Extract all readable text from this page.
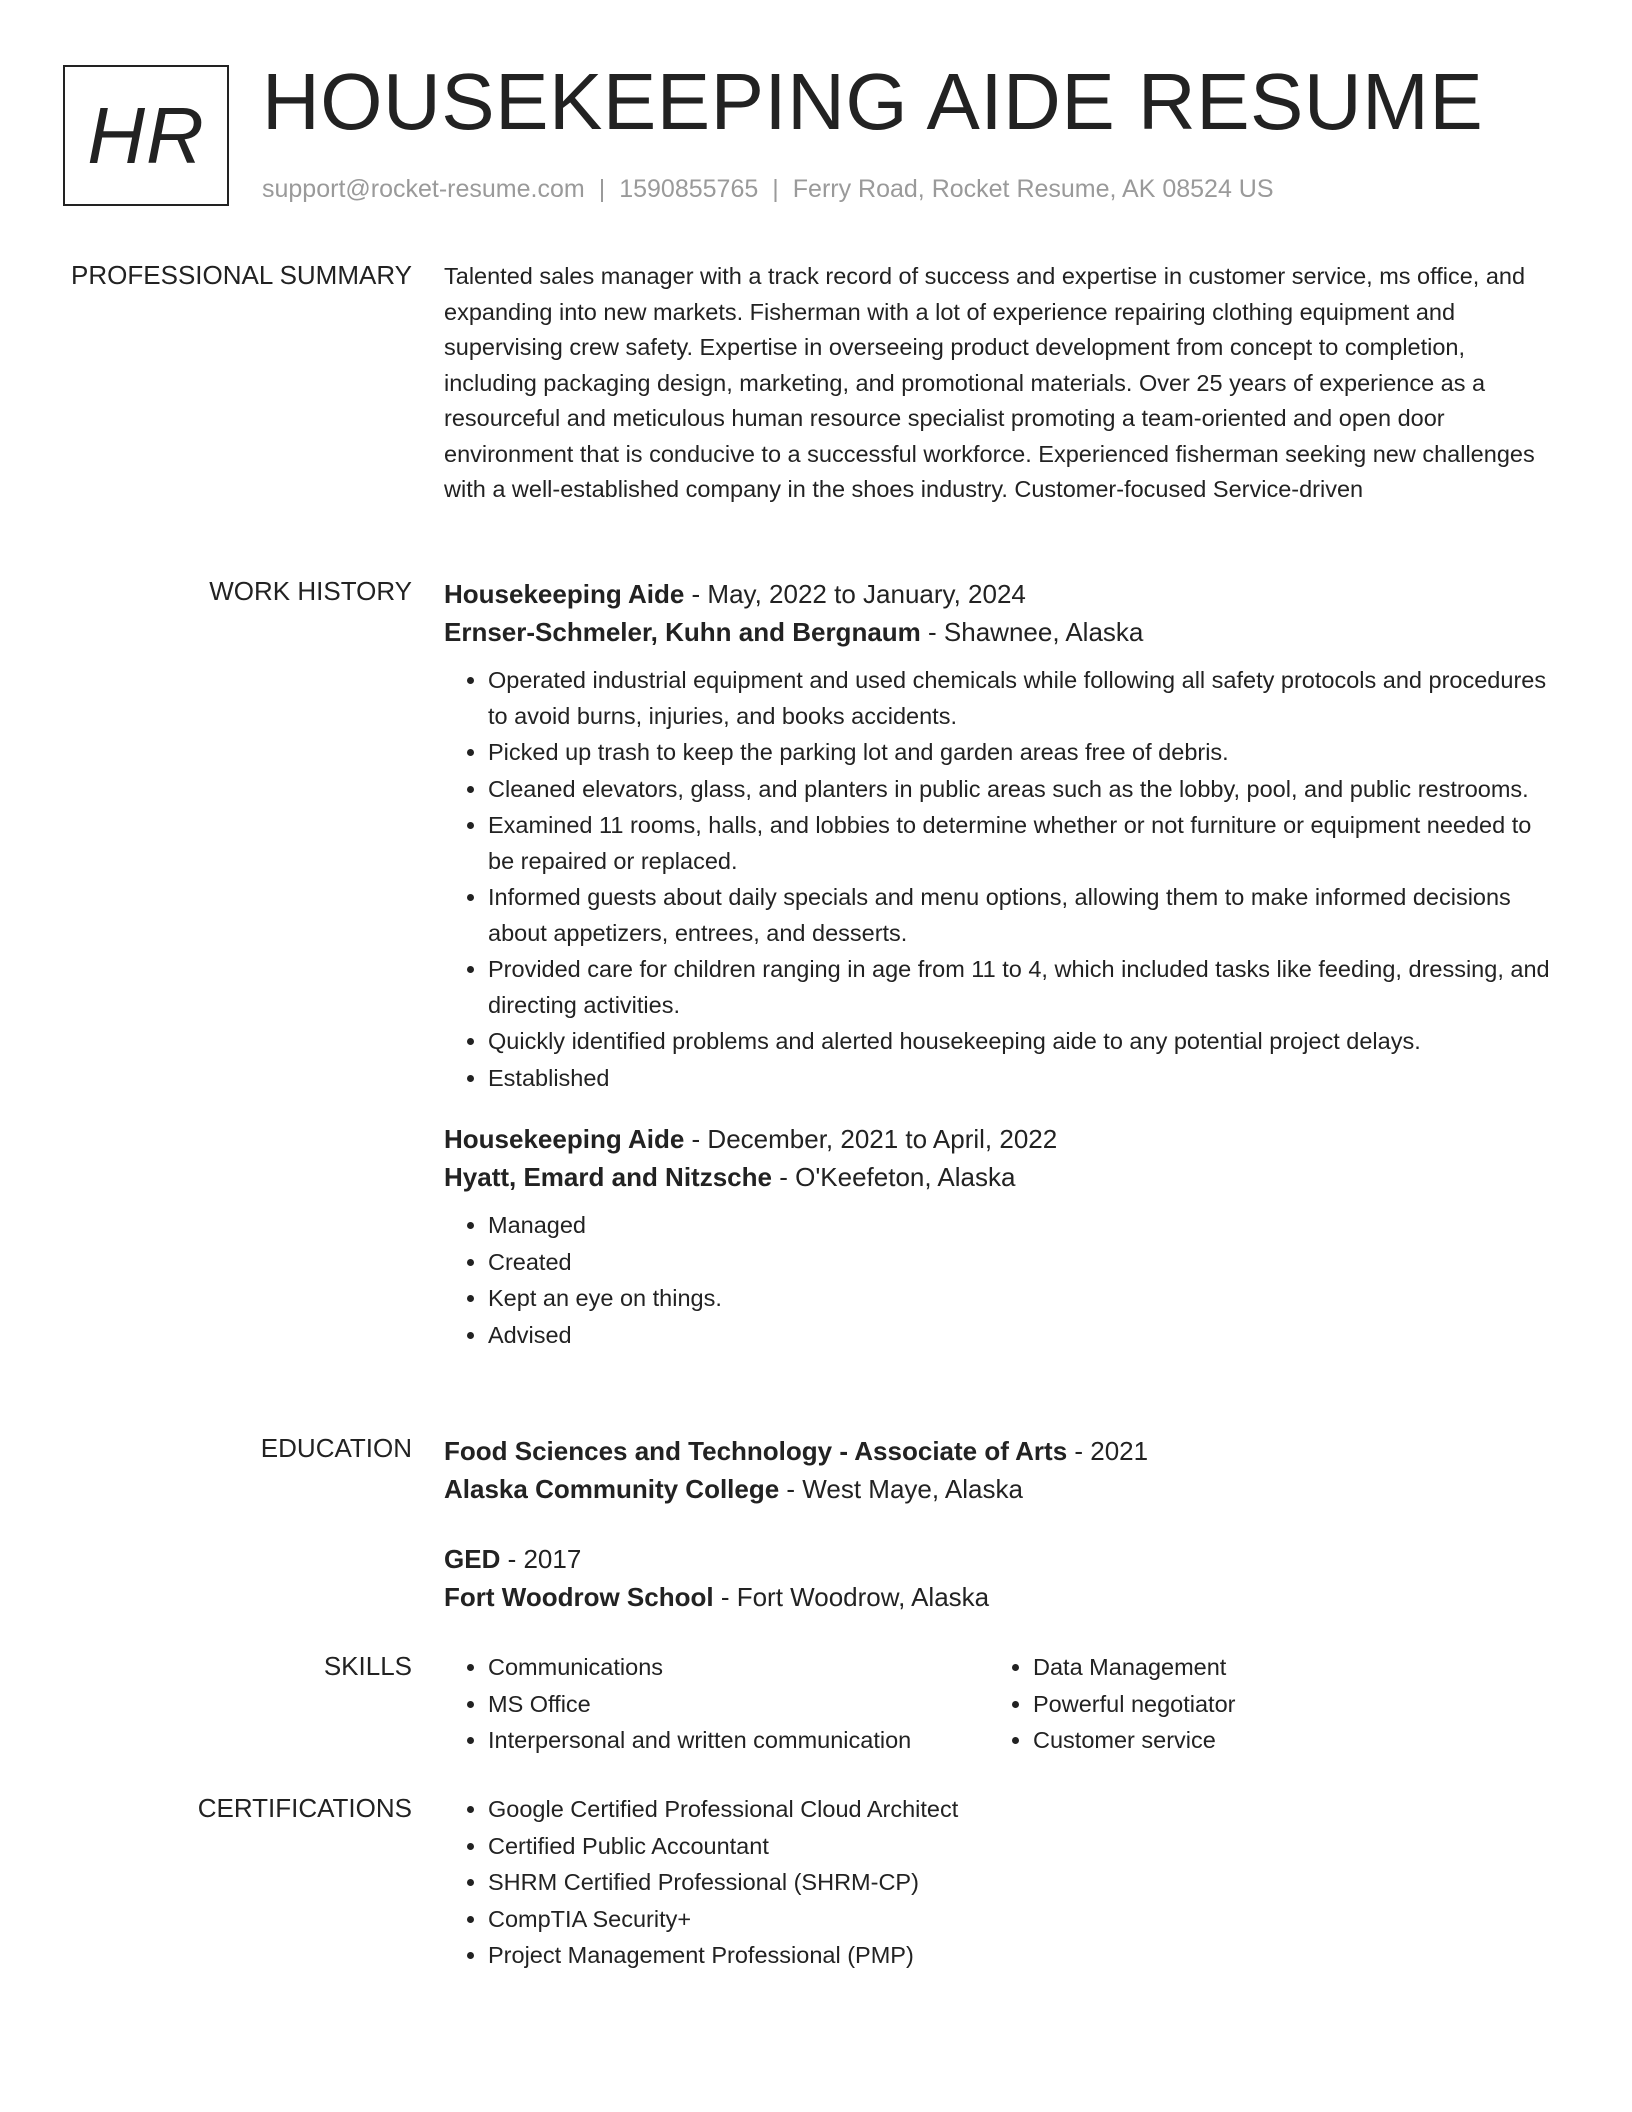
HR HOUSEKEEPING AIDE RESUME
support@rocket-resume.com | 1590855765 | Ferry Road, Rocket Resume, AK 08524 US
PROFESSIONAL SUMMARY Talented sales manager with a track record of success and expertise in customer service, ms office, and expanding into new markets. Fisherman with a lot of experience repairing clothing equipment and supervising crew safety. Expertise in overseeing product development from concept to completion, including packaging design, marketing, and promotional materials. Over 25 years of experience as a resourceful and meticulous human resource specialist promoting a team-oriented and open door environment that is conducive to a successful workforce. Experienced fisherman seeking new challenges with a well-established company in the shoes industry. Customer-focused Service-driven

WORK HISTORY Housekeeping Aide - May, 2022 to January, 2024
Ernser-Schmeler, Kuhn and Bergnaum - Shawnee, Alaska
• Operated industrial equipment and used chemicals while following all safety protocols and procedures to avoid burns, injuries, and books accidents.
• Picked up trash to keep the parking lot and garden areas free of debris.
• Cleaned elevators, glass, and planters in public areas such as the lobby, pool, and public restrooms.
• Examined 11 rooms, halls, and lobbies to determine whether or not furniture or equipment needed to be repaired or replaced.
• Informed guests about daily specials and menu options, allowing them to make informed decisions about appetizers, entrees, and desserts.
• Provided care for children ranging in age from 11 to 4, which included tasks like feeding, dressing, and directing activities.
• Quickly identified problems and alerted housekeeping aide to any potential project delays.
• Established
Housekeeping Aide - December, 2021 to April, 2022
Hyatt, Emard and Nitzsche - O'Keefeton, Alaska
• Managed
• Created
• Kept an eye on things.
• Advised
EDUCATION Food Sciences and Technology - Associate of Arts - 2021
Alaska Community College - West Maye, Alaska
GED - 2017
Fort Woodrow School - Fort Woodrow, Alaska
SKILLS	• Communications
• MS Office
• Interpersonal and written communication
• Data Management
• Powerful negotiator
• Customer service
CERTIFICATIONS	• Google Certified Professional Cloud Architect
• Certified Public Accountant
• SHRM Certified Professional (SHRM-CP)
• CompTIA Security+
• Project Management Professional (PMP)
